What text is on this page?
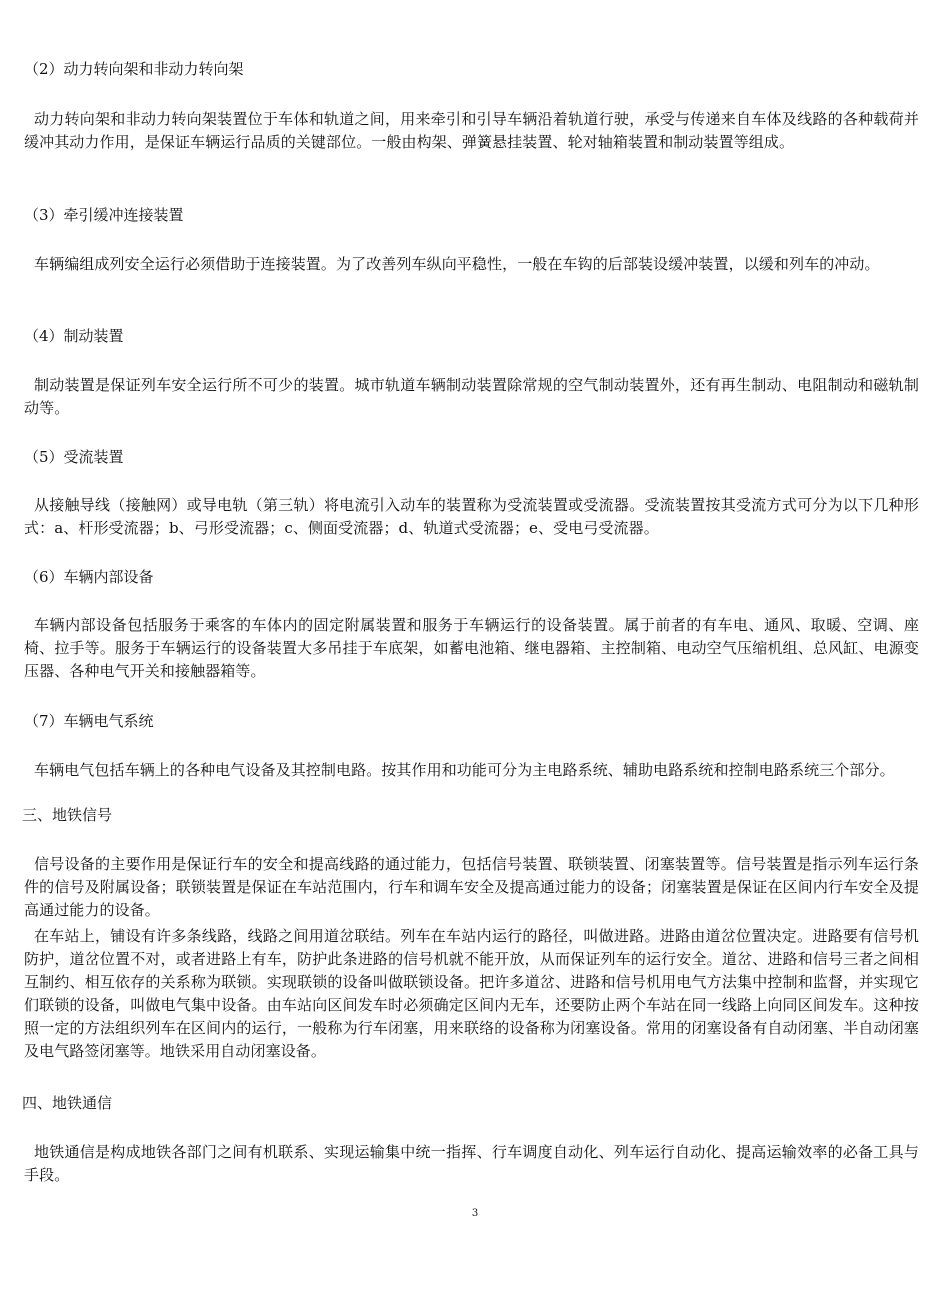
（2）动力转向架和非动力转向架
动力转向架和非动力转向架装置位于车体和轨道之间，用来牵引和引导车辆沿着轨道行驶，承受与传递来自车体及线路的各种载荷并缓冲其动力作用，是保证车辆运行品质的关键部位。一般由构架、弹簧悬挂装置、轮对轴箱装置和制动装置等组成。
（3）牵引缓冲连接装置
车辆编组成列安全运行必须借助于连接装置。为了改善列车纵向平稳性，一般在车钩的后部装设缓冲装置，以缓和列车的冲动。
（4）制动装置
制动装置是保证列车安全运行所不可少的装置。城市轨道车辆制动装置除常规的空气制动装置外，还有再生制动、电阻制动和磁轨制动等。
（5）受流装置
从接触导线（接触网）或导电轨（第三轨）将电流引入动车的装置称为受流装置或受流器。受流装置按其受流方式可分为以下几种形式：a、杆形受流器；b、弓形受流器；c、侧面受流器；d、轨道式受流器；e、受电弓受流器。
（6）车辆内部设备
车辆内部设备包括服务于乘客的车体内的固定附属装置和服务于车辆运行的设备装置。属于前者的有车电、通风、取暖、空调、座椅、拉手等。服务于车辆运行的设备装置大多吊挂于车底架，如蓄电池箱、继电器箱、主控制箱、电动空气压缩机组、总风缸、电源变压器、各种电气开关和接触器箱等。
（7）车辆电气系统
车辆电气包括车辆上的各种电气设备及其控制电路。按其作用和功能可分为主电路系统、辅助电路系统和控制电路系统三个部分。
三、地铁信号
信号设备的主要作用是保证行车的安全和提高线路的通过能力，包括信号装置、联锁装置、闭塞装置等。信号装置是指示列车运行条件的信号及附属设备；联锁装置是保证在车站范围内，行车和调车安全及提高通过能力的设备；闭塞装置是保证在区间内行车安全及提高通过能力的设备。
在车站上，铺设有许多条线路，线路之间用道岔联结。列车在车站内运行的路径，叫做进路。进路由道岔位置决定。进路要有信号机防护，道岔位置不对，或者进路上有车，防护此条进路的信号机就不能开放，从而保证列车的运行安全。道岔、进路和信号三者之间相互制约、相互依存的关系称为联锁。实现联锁的设备叫做联锁设备。把许多道岔、进路和信号机用电气方法集中控制和监督，并实现它们联锁的设备，叫做电气集中设备。由车站向区间发车时必须确定区间内无车，还要防止两个车站在同一线路上向同区间发车。这种按照一定的方法组织列车在区间内的运行，一般称为行车闭塞，用来联络的设备称为闭塞设备。常用的闭塞设备有自动闭塞、半自动闭塞及电气路签闭塞等。地铁采用自动闭塞设备。
四、地铁通信
地铁通信是构成地铁各部门之间有机联系、实现运输集中统一指挥、行车调度自动化、列车运行自动化、提高运输效率的必备工具与手段。
3
